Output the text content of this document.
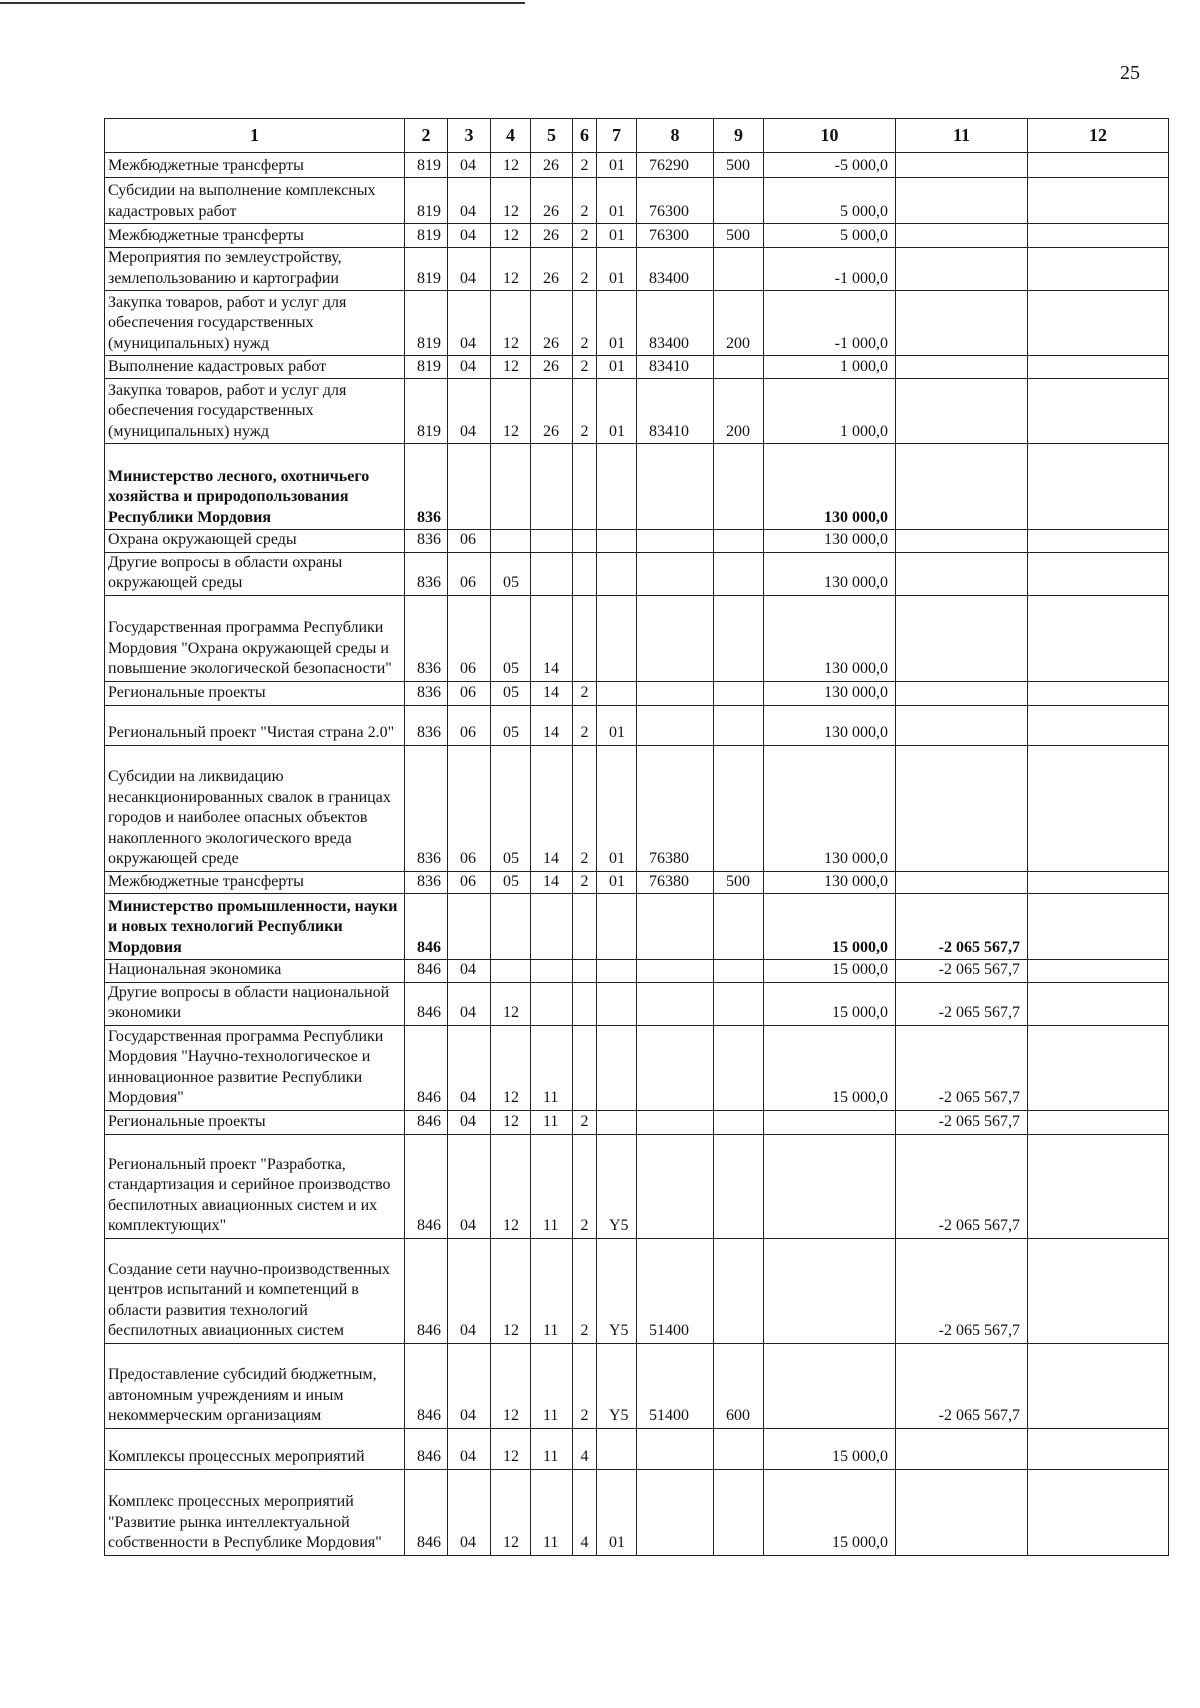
25
1	2	3	4	5	6	7	8	9	10	11	12
Межбюджетные трансферты	819	04	12	26	2	01	76290	500	-5 000,0		
Субсидии на выполнение комплексных кадастровых работ	819	04	12	26	2	01	76300		5 000,0		
Межбюджетные трансферты	819	04	12	26	2	01	76300	500	5 000,0		
Мероприятия по землеустройству, землепользованию и картографии	819	04	12	26	2	01	83400		-1 000,0		
Закупка товаров, работ и услуг для обеспечения государственных (муниципальных) нужд	819	04	12	26	2	01	83400	200	-1 000,0		
Выполнение кадастровых работ	819	04	12	26	2	01	83410		1 000,0		
Закупка товаров, работ и услуг для обеспечения государственных (муниципальных) нужд	819	04	12	26	2	01	83410	200	1 000,0		
Министерство лесного, охотничьего хозяйства и природопользования Республики Мордовия	836								130 000,0		
Охрана окружающей среды	836	06							130 000,0		
Другие вопросы в области охраны окружающей среды	836	06	05						130 000,0		
Государственная программа Республики Мордовия "Охрана окружающей среды и повышение экологической безопасности"	836	06	05	14					130 000,0		
Региональные проекты	836	06	05	14	2				130 000,0		
Региональный проект "Чистая страна 2.0"	836	06	05	14	2	01			130 000,0		
Субсидии на ликвидацию несанкционированных свалок в границах городов и наиболее опасных объектов накопленного экологического вреда окружающей среде	836	06	05	14	2	01	76380		130 000,0		
Межбюджетные трансферты	836	06	05	14	2	01	76380	500	130 000,0		
Министерство промышленности, науки и новых технологий Республики Мордовия	846								15 000,0	-2 065 567,7	
Национальная экономика	846	04							15 000,0	-2 065 567,7	
Другие вопросы в области национальной экономики	846	04	12						15 000,0	-2 065 567,7	
Государственная программа Республики Мордовия "Научно-технологическое и инновационное развитие Республики Мордовия"	846	04	12	11					15 000,0	-2 065 567,7	
Региональные проекты	846	04	12	11	2					-2 065 567,7	
Региональный проект "Разработка, стандартизация и серийное производство беспилотных авиационных систем и их комплектующих"	846	04	12	11	2	Y5				-2 065 567,7	
Создание сети научно-производственных центров испытаний и компетенций в области развития технологий беспилотных авиационных систем	846	04	12	11	2	Y5	51400			-2 065 567,7	
Предоставление субсидий бюджетным, автономным учреждениям и иным некоммерческим организациям	846	04	12	11	2	Y5	51400	600		-2 065 567,7	
Комплексы процессных мероприятий	846	04	12	11	4				15 000,0		
Комплекс процессных мероприятий "Развитие рынка интеллектуальной собственности в Республике Мордовия"	846	04	12	11	4	01			15 000,0		
